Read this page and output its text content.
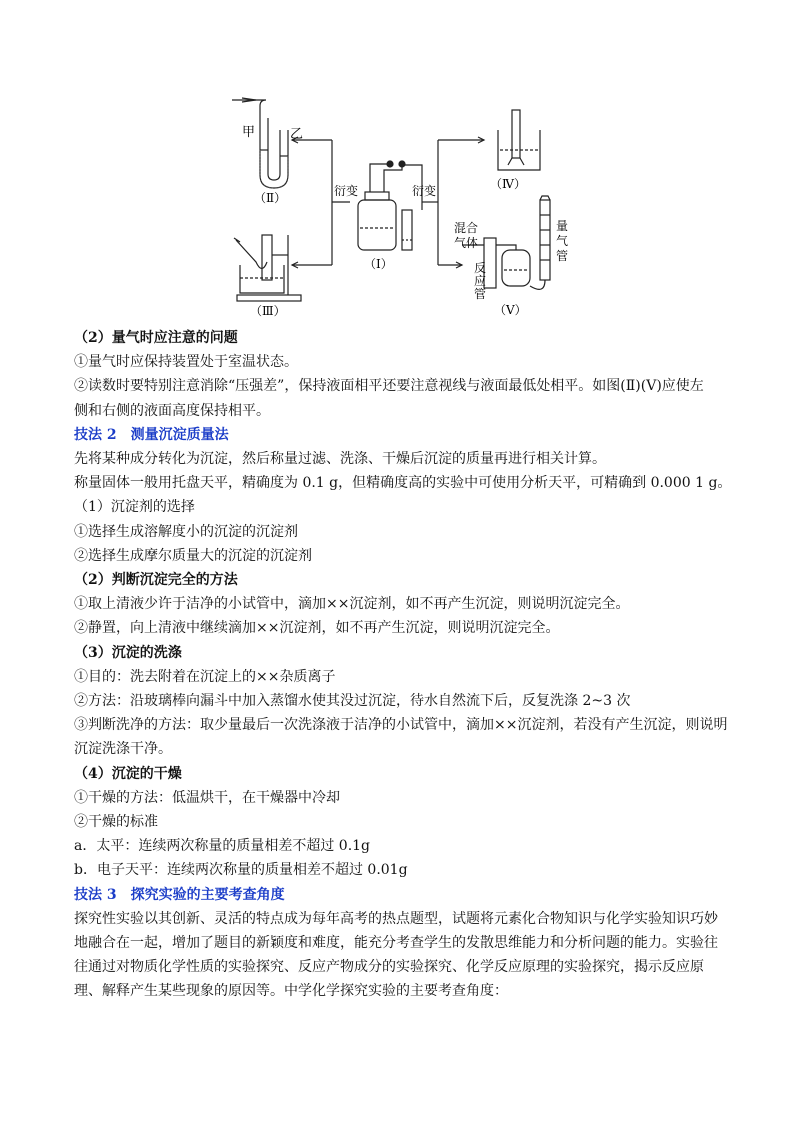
甲	乙
（Ⅱ）
（Ⅲ）
（Ⅰ）
（Ⅳ）
（Ⅴ）
衍变	衍变
混合
气体
反
应
管
量
气
管

（2）量气时应注意的问题

①量气时应保持装置处于室温状态。

②读数时要特别注意消除“压强差”，保持液面相平还要注意视线与液面最低处相平。如图(Ⅱ)(Ⅴ)应使左

侧和右侧的液面高度保持相平。

技法 2　测量沉淀质量法

先将某种成分转化为沉淀，然后称量过滤、洗涤、干燥后沉淀的质量再进行相关计算。

称量固体一般用托盘天平，精确度为 0.1 g，但精确度高的实验中可使用分析天平，可精确到 0.000 1 g。

（1）沉淀剂的选择

①选择生成溶解度小的沉淀的沉淀剂

②选择生成摩尔质量大的沉淀的沉淀剂

（2）判断沉淀完全的方法

①取上清液少许于洁净的小试管中，滴加××沉淀剂，如不再产生沉淀，则说明沉淀完全。

②静置，向上清液中继续滴加××沉淀剂，如不再产生沉淀，则说明沉淀完全。

（3）沉淀的洗涤

①目的：洗去附着在沉淀上的××杂质离子

②方法：沿玻璃棒向漏斗中加入蒸馏水使其没过沉淀，待水自然流下后，反复洗涤 2~3 次

③判断洗净的方法：取少量最后一次洗涤液于洁净的小试管中，滴加××沉淀剂，若没有产生沉淀，则说明

沉淀洗涤干净。

（4）沉淀的干燥

①干燥的方法：低温烘干，在干燥器中冷却

②干燥的标准

a．太平：连续两次称量的质量相差不超过 0.1g

b．电子天平：连续两次称量的质量相差不超过 0.01g

技法 3　探究实验的主要考查角度

探究性实验以其创新、灵活的特点成为每年高考的热点题型，试题将元素化合物知识与化学实验知识巧妙

地融合在一起，增加了题目的新颖度和难度，能充分考查学生的发散思维能力和分析问题的能力。实验往

往通过对物质化学性质的实验探究、反应产物成分的实验探究、化学反应原理的实验探究，揭示反应原

理、解释产生某些现象的原因等。中学化学探究实验的主要考查角度：
